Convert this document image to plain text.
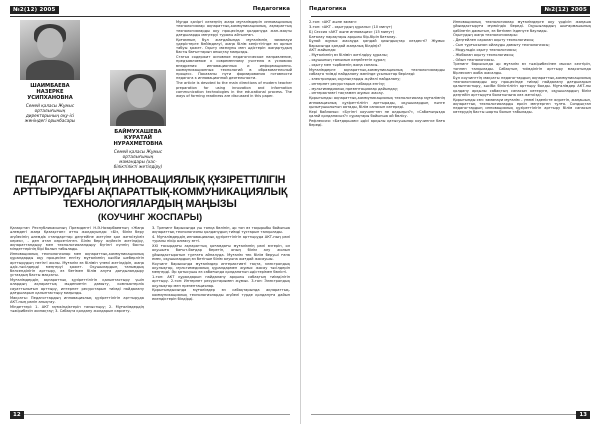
№2(12) 2005	Педагогика
ШАИМБАЕВА
НАЗЕРКЕ
УСИПХАНОВНА
Семей қаласы Жұмыс
орталығының
директорының оқу-ісі
жөніндегі орынбасары
БАЙМУХАШЕВА
КУРАТАЙ
НУРАХМЕТОВНА
Семей қаласы Жұмыс
орталығының
мамандары (хас-
біліктілікті жетілдіру)

Мұнда қазіргі кезеңнің жаңа мұғалімдерін инновациялық технологиялар ақпараттық-коммуникациялық, ақпараттық технологияларды оқу процесінде қолдануда жан-жақты дағдыларды меңгеруі туралы айтылған.

Қоғамның бұл жағдайында мұғалімнің заманауи үдерістерге бейімделуі, жаңа білім кеңістігінде өз орнын табуы қажет. Оқыту мазмұны мен әдістерін жаңартудың басты бағыттарын анықтау маңызды.

Статья содержит основное педагогическое направление, предъявляемое к современному учителю в условиях внедрения инновационных и информационно-коммуникационных технологий в образовательный процесс. Показаны пути формирования готовности педагога к инновационной деятельности.

The article is devoted to the main directions of modern teacher preparation for using innovation and information communication technologies in the educational process. The ways of forming readiness are discussed in this paper.

ПЕДАГОГТАРДЫҢ ИННОВАЦИЯЛЫҚ ҚҰЗІРЕТТІЛІГІН АРТТЫРУДАҒЫ АҚПАРАТТЫҚ-КОММУНИКАЦИЯЛЫҚ ТЕХНОЛОГИЯЛАРДЫҢ МАҢЫЗЫ
(КОУЧИНГ ЖОСПАРЫ)

Қазақстан Республикасының Президенті Н.Ә.Назарбаевтың «Жаңа әлемдегі жаңа Қазақстан» атты жолдауында: «Біз, білім беру жүйесінің әлемдік стандарттар деңгейіне жетуіне қол жеткізуіміз керек», - деп атап көрсетілген. Білім беру жүйесін жетілдіру, ақпараттандыру мен технологияландыру бүгінгі күннің басты міндеттерінің бірі болып табылады.

Инновациялық технологиялар мен ақпараттық-коммуникациялық құралдарды оқу процесіне енгізу мұғалімнің кәсіби шеберлігін арттырудың негізгі жолы. Мұғалім өз білімін үнемі жетілдіріп, жаңа әдіс-тәсілдерді меңгеруі қажет. Оқушылардың танымдық белсенділігін арттыру, өз бетімен білім алуға дағдыландыру ұстаздың басты мақсаты.

Мұғалімдердің ақпараттық құзіреттілігін қалыптастыру үшін олардың ақпараттық мәдениетін дамыту, компьютерлік сауаттылығын арттыру, интернет ресурстарын тиімді пайдалану дағдыларын қалыптастыру маңызды.

Мақсаты: Педагогтардың инновациялық құзіреттілігін арттыруда АКТ-ның рөлін анықтау.

Міндеттері: 1. АКТ мүмкіндіктерін таныстыру; 2. Мұғалімдердің тәжірибесін жинақтау; 3. Сабақта қолдану жолдарын көрсету.

3. Тренинг барысында үш топқа бөлініп, әр топ өз тақырыбы бойынша ақпараттық технологияны қолданудың тиімді тұстарын талқылады.

4. Мұғалімдердің инновациялық құзіреттілігін арттыруда АКТ-ның рөлі туралы пікір алмасу өтті.

XXI ғасырдағы ақпараттық қоғамдағы мұғалімнің рөлі өзгеріп, ол оқушыға бағыт-бағдар беретін, оның білім алу жолын ұйымдастыратын тұлғаға айналуда. Мұғалім тек білім беруші ғана емес, оқушылардың өз бетінше білім алуына жағдай жасаушы.

Коучинг барысында мұғалімдер интерактивті тақта, электрондық оқулықтар, мультимедиялық құралдармен жұмыс жасау тәсілдерін меңгерді. Әр қатысушы өз сабағында қолданатын әдістерімен бөлісті.

1-топ: АКТ құралдарын пайдалану арқылы сабақтың тиімділігін арттыру. 2-топ: Интернет ресурстарымен жұмыс. 3-топ: Электрондық оқулықтар мен презентациялар.

Қорытындысында мұғалімдер өз сабақтарында ақпараттық-коммуникациялық технологияларды жүйелі түрде қолдануға дайын екендіктерін білдірді.

12
Педагогика	№2(12) 2005

2-топ: «АКТ және заман»

3-топ: «АКТ - оқытудың құралы» (10 минут)

Б) Сессия «АКТ және инновация» (15 минут)

Бағалау парақтары арқылы бір-бірін бағалау.

Бұлай жұмыс жасауда қандай қиындықтар кездесті? Жұмыс барысында қандай жаңалық білдіңіз?

АКТ жайында:

- Мұғалімнің өз білімін жетілдіру құралы;

- оқушының танымын кеңейтетін құрал;

- оқыту мен тәрбиенің жаңа сапасы.

Мұғалімдерге ақпараттық-коммуникациялық технологияларды сабақта тиімді пайдалану жөнінде ұсыныстар беріледі:

- электрондық оқулықтарды жүйелі пайдалану;

- интернет ресурстарын сабаққа енгізу;

- мультимедиялық презентациялар дайындау;

- интерактивті тақтамен жұмыс жасау.

Қорытынды: ақпараттық-коммуникациялық технологиялар мұғалімнің инновациялық құзіреттілігін арттырады, оқушылардың пәнге қызығушылығын оятады, білім сапасын көтереді.

Кері байланыс: «Бүгінгі коучингтен не алдыңыз?», «Сабағыңызда қалай қолданасыз?» сұрақтары бойынша ой бөлісу.

Рефлексия: «Бағдаршам» әдісі арқылы қатысушылар коучингке баға береді.

Инновациялық технологиялар мұғалімдерге оқу үрдісін жаңаша ұйымдастыруға мүмкіндік береді. Оқушылардың шығармашылық қабілетін дамытып, өз бетімен ізденуге баулиды.

Оқытудың жаңа технологиялары:

- Деңгейлеп саралап оқыту технологиясы;

- Сын тұрғысынан ойлауды дамыту технологиясы;

- Модульдік оқыту технологиясы;

- Жобалап оқыту технологиясы;

- Ойын технологиясы.

Тренинг барысында әр мұғалім өз тәжірибесінен мысал келтіріп, топпен талқылады. Сабақтың тиімділігін арттыру мақсатында бірлескен жоба жасалды.

Бұл коучингтің мақсаты педагогтардың ақпараттық-коммуникациялық технологияларды оқу процесінде тиімді пайдалану дағдыларын қалыптастыру, кәсіби біліктілігін арттыру болды. Мұғалімдер АКТ-ны қолдану арқылы сабақтың сапасын көтеруге, оқушылардың білім деңгейін арттыруға болатынына көз жеткізді.

Қорытынды сөз: заманауи мұғалім – үнемі ізденісте жүретін, жаңашыл, ақпараттық технологияларды еркін меңгерген тұлға. Сондықтан педагогтардың инновациялық құзіреттілігін арттыру білім сапасын көтерудің басты шарты болып табылады.

13
